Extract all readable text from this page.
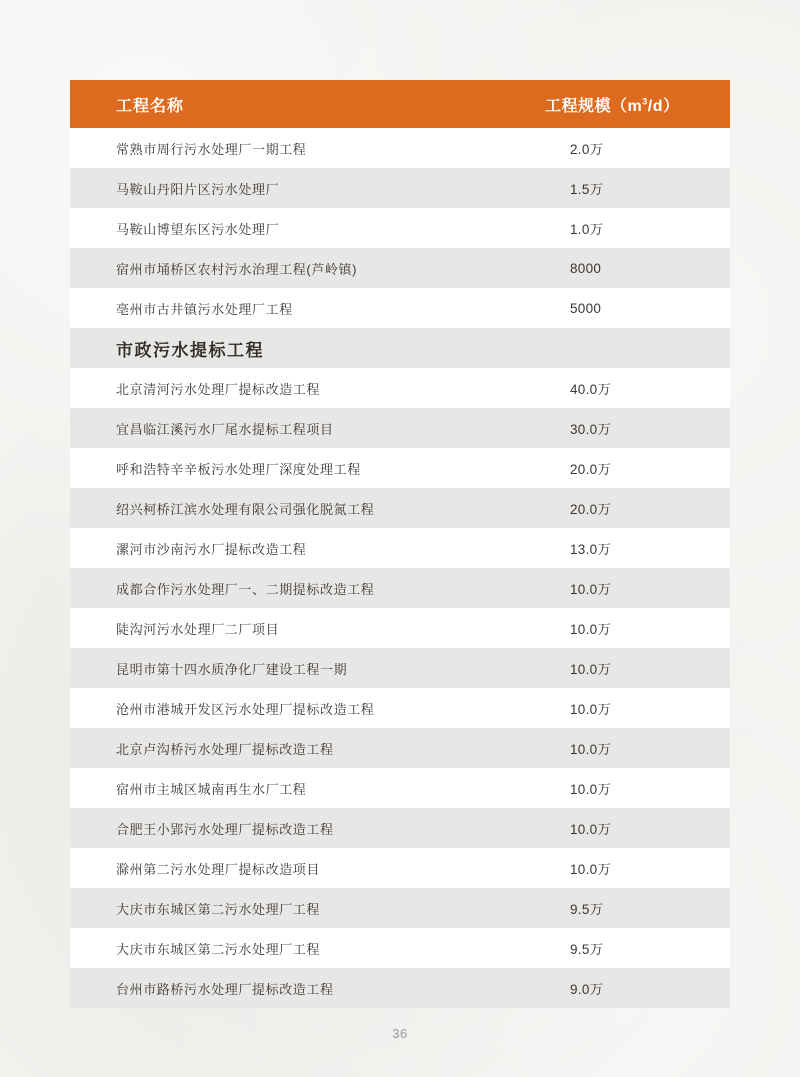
工程名称	工程规模$(m^3/d)$
常熟市周行污水处理厂一期工程	2.0万
马鞍山丹阳片区污水处理厂	1.5万
马鞍山博望东区污水处理厂	1.0万
宿州市埇桥区农村污水治理工程(芦岭镇)	8000
亳州市古井镇污水处理厂工程	5000
市政污水提标工程
北京清河污水处理厂提标改造工程	40.0万
宜昌临江溪污水厂尾水提标工程项目	30.0万
呼和浩特辛辛板污水处理厂深度处理工程	20.0万
绍兴柯桥江滨水处理有限公司强化脱氮工程	20.0万
漯河市沙南污水厂提标改造工程	13.0万
成都合作污水处理厂一、二期提标改造工程	10.0万
陡沟河污水处理厂二厂项目	10.0万
昆明市第十四水质净化厂建设工程一期	10.0万
沧州市港城开发区污水处理厂提标改造工程	10.0万
北京卢沟桥污水处理厂提标改造工程	10.0万
宿州市主城区城南再生水厂工程	10.0万
合肥王小郢污水处理厂提标改造工程	10.0万
滁州第二污水处理厂提标改造项目	10.0万
大庆市东城区第二污水处理厂工程	9.5万
大庆市东城区第二污水处理厂工程	9.5万
台州市路桥污水处理厂提标改造工程	9.0万
36
